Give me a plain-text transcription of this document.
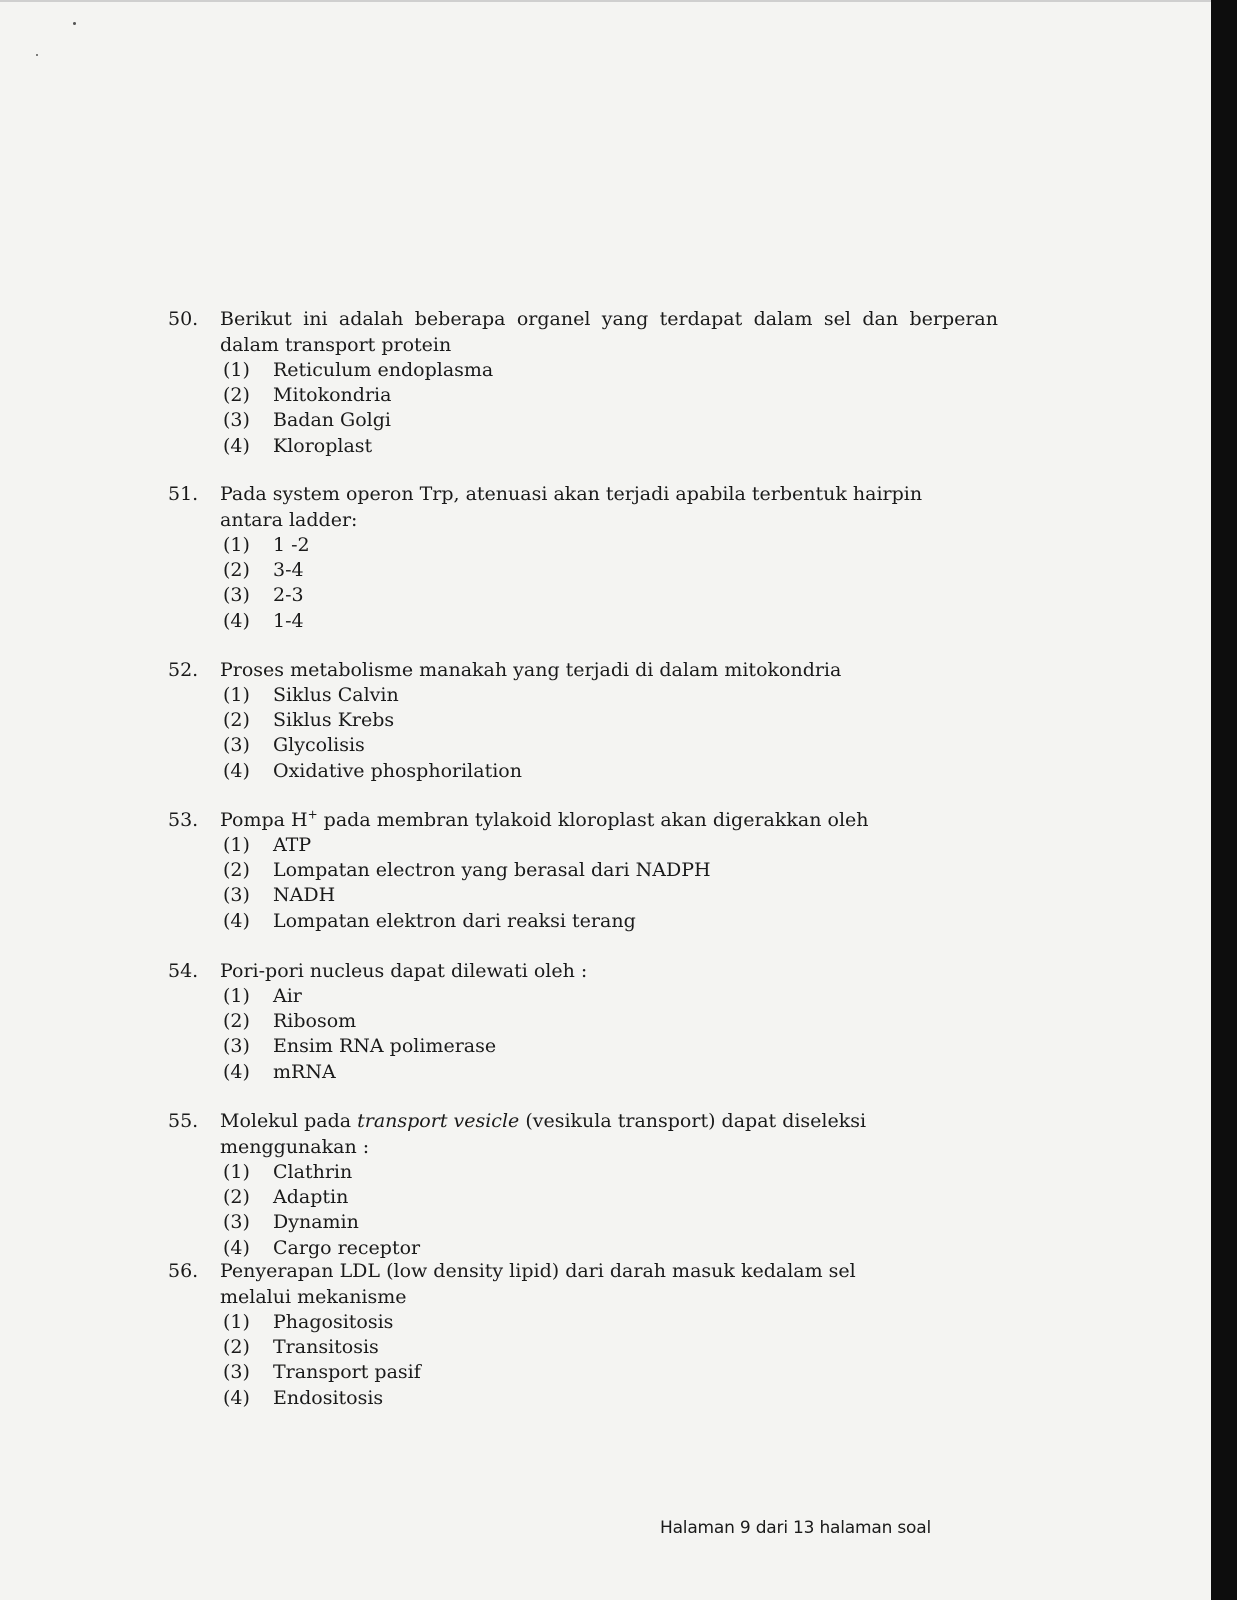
50. Berikut ini adalah beberapa organel yang terdapat dalam sel dan berperan dalam transport protein
(1) Reticulum endoplasma
(2) Mitokondria
(3) Badan Golgi
(4) Kloroplast
51. Pada system operon Trp, atenuasi akan terjadi apabila terbentuk hairpin antara ladder:
(1) 1 -2
(2) 3-4
(3) 2-3
(4) 1-4
52. Proses metabolisme manakah yang terjadi di dalam mitokondria
(1) Siklus Calvin
(2) Siklus Krebs
(3) Glycolisis
(4) Oxidative phosphorilation
53. Pompa H+ pada membran tylakoid kloroplast akan digerakkan oleh
(1) ATP
(2) Lompatan electron yang berasal dari NADPH
(3) NADH
(4) Lompatan elektron dari reaksi terang
54. Pori-pori nucleus dapat dilewati oleh :
(1) Air
(2) Ribosom
(3) Ensim RNA polimerase
(4) mRNA
55. Molekul pada transport vesicle (vesikula transport) dapat diseleksi menggunakan :
(1) Clathrin
(2) Adaptin
(3) Dynamin
(4) Cargo receptor
56. Penyerapan LDL (low density lipid) dari darah masuk kedalam sel melalui mekanisme
(1) Phagositosis
(2) Transitosis
(3) Transport pasif
(4) Endositosis
Halaman 9 dari 13 halaman soal
